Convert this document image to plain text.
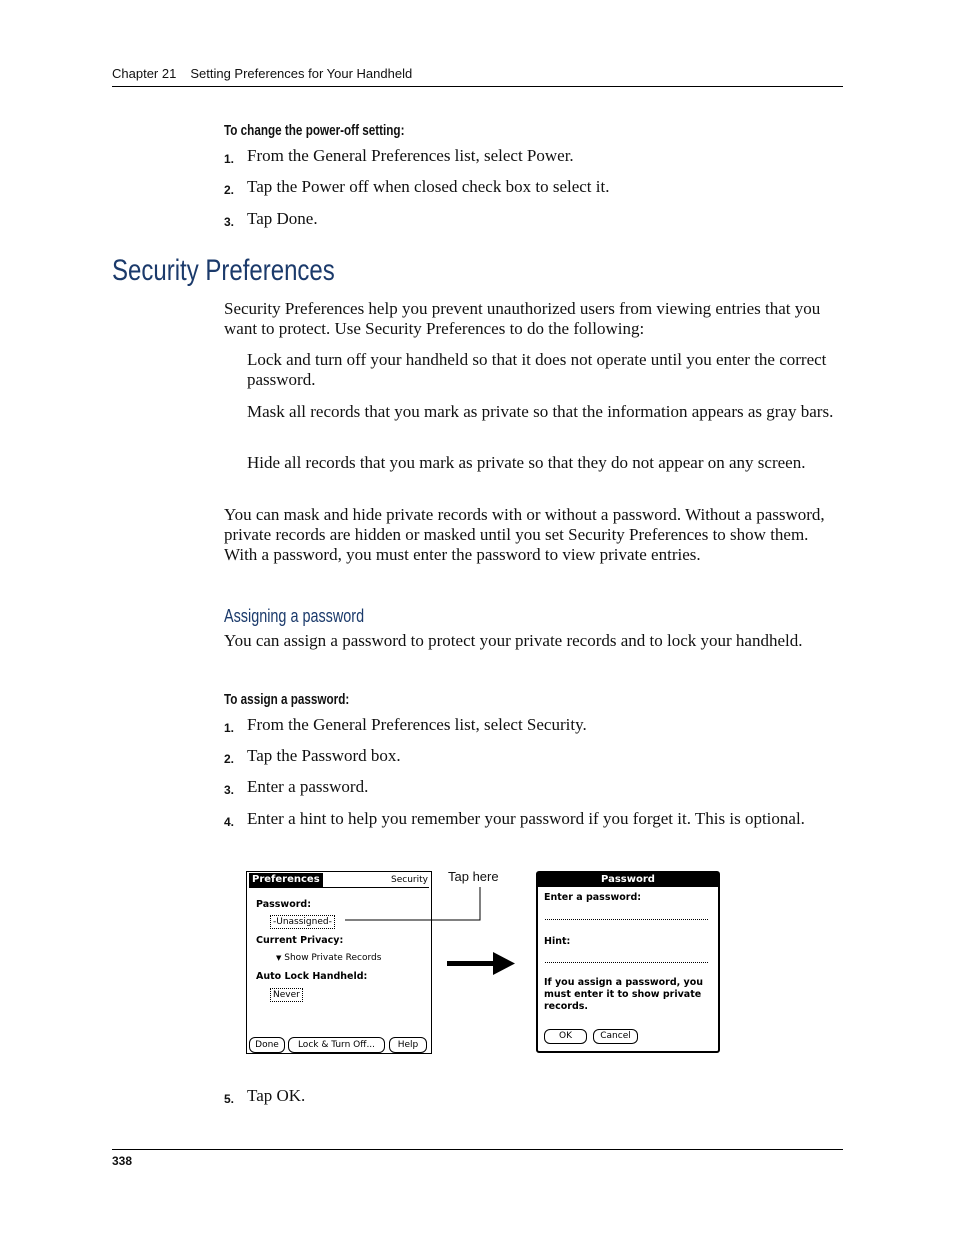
Chapter 21 Setting Preferences for Your Handheld
To change the power-off setting:
1. From the General Preferences list, select Power.
2. Tap the Power off when closed check box to select it.
3. Tap Done.
Security Preferences
Security Preferences help you prevent unauthorized users from viewing entries that you want to protect. Use Security Preferences to do the following:
Lock and turn off your handheld so that it does not operate until you enter the correct password.
Mask all records that you mark as private so that the information appears as gray bars.
Hide all records that you mark as private so that they do not appear on any screen.
You can mask and hide private records with or without a password. Without a password, private records are hidden or masked until you set Security Preferences to show them. With a password, you must enter the password to view private entries.
Assigning a password
You can assign a password to protect your private records and to lock your handheld.
To assign a password:
1. From the General Preferences list, select Security.
2. Tap the Password box.
3. Enter a password.
4. Enter a hint to help you remember your password if you forget it. This is optional.
Preferences	Security
Password:
-Unassigned-
Current Privacy:
▼ Show Private Records
Auto Lock Handheld:
Never
Done	Lock & Turn Off...	Help
Tap here	Password
Enter a password:
Hint:
If you assign a password, you must enter it to show private records.
OK	Cancel
5. Tap OK.
338
